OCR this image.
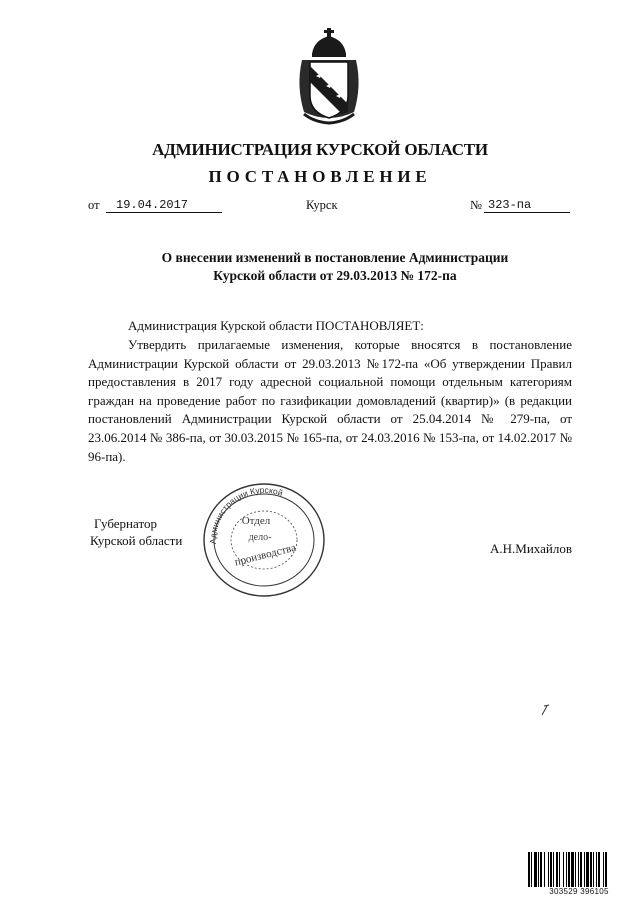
АДМИНИСТРАЦИЯ КУРСКОЙ ОБЛАСТИ
ПОСТАНОВЛЕНИЕ
от	19.04.2017	Курск	№ 323-па
О внесении изменений в постановление Администрации
Курской области от 29.03.2013 № 172-па
Администрация Курской области ПОСТАНОВЛЯЕТ:
Утвердить прилагаемые изменения, которые вносятся в постановление Администрации Курской области от 29.03.2013 №172-па «Об утверждении Правил предоставления в 2017 году адресной социальной помощи отдельным категориям граждан на проведение работ по газификации домовладений (квартир)» (в редакции постановлений Администрации Курской области от 25.04.2014 № 279-па, от 23.06.2014 № 386-па, от 30.03.2015 № 165-па, от 24.03.2016 № 153-па, от 14.02.2017 № 96-па).
Губернатор
Курской области	Администрации Курской
Отдел
дело-
производства	А.Н.Михайлов
303529 396105
